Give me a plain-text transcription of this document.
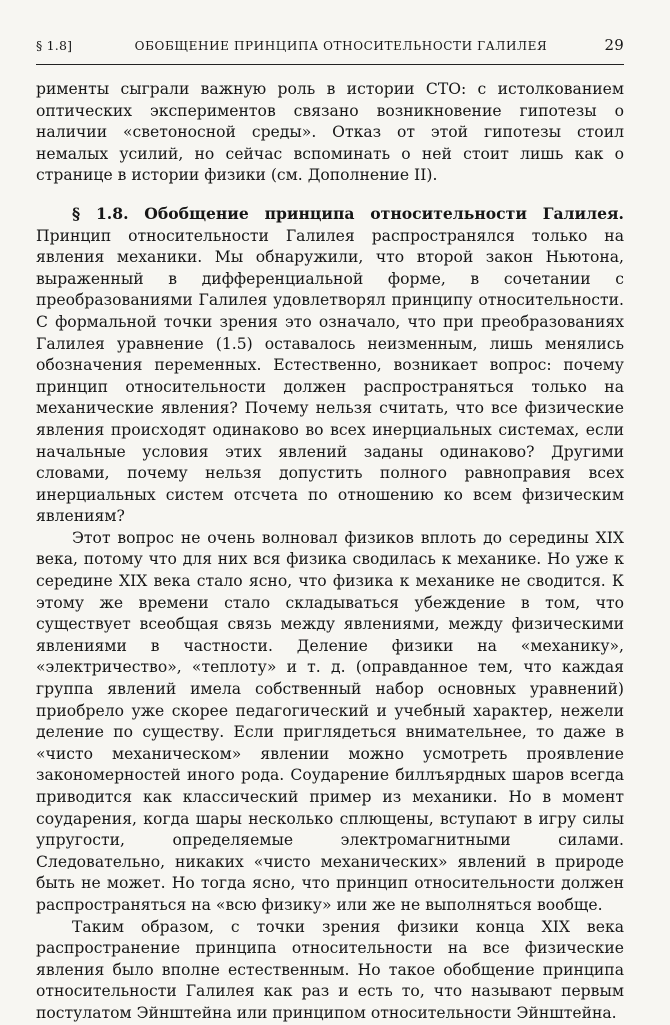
§ 1.8]	ОБОБЩЕНИЕ ПРИНЦИПА ОТНОСИТЕЛЬНОСТИ ГАЛИЛЕЯ	29

рименты сыграли важную роль в истории СТО: с истолкованием оптических экспериментов связано возникновение гипотезы о наличии «светоносной среды». Отказ от этой гипотезы стоил немалых усилий, но сейчас вспоминать о ней стоит лишь как о странице в истории физики (см. Дополнение II).

§ 1.8. Обобщение принципа относительности Галилея. Принцип относительности Галилея распространялся только на явления механики. Мы обнаружили, что второй закон Ньютона, выраженный в дифференциальной форме, в сочетании с преобразованиями Галилея удовлетворял принципу относительности. С формальной точки зрения это означало, что при преобразованиях Галилея уравнение (1.5) оставалось неизменным, лишь менялись обозначения переменных. Естественно, возникает вопрос: почему принцип относительности должен распространяться только на механические явления? Почему нельзя считать, что все физические явления происходят одинаково во всех инерциальных системах, если начальные условия этих явлений заданы одинаково? Другими словами, почему нельзя допустить полного равноправия всех инерциальных систем отсчета по отношению ко всем физическим явлениям?

Этот вопрос не очень волновал физиков вплоть до середины XIX века, потому что для них вся физика сводилась к механике. Но уже к середине XIX века стало ясно, что физика к механике не сводится. К этому же времени стало складываться убеждение в том, что существует всеобщая связь между явлениями, между физическими явлениями в частности. Деление физики на «механику», «электричество», «теплоту» и т. д. (оправданное тем, что каждая группа явлений имела собственный набор основных уравнений) приобрело уже скорее педагогический и учебный характер, нежели деление по существу. Если приглядеться внимательнее, то даже в «чисто механическом» явлении можно усмотреть проявление закономерностей иного рода. Соударение биллъярдных шаров всегда приводится как классический пример из механики. Но в момент соударения, когда шары несколько сплющены, вступают в игру силы упругости, определяемые электромагнитными силами. Следовательно, никаких «чисто механических» явлений в природе быть не может. Но тогда ясно, что принцип относительности должен распространяться на «всю физику» или же не выполняться вообще.

Таким образом, с точки зрения физики конца XIX века распространение принципа относительности на все физические явления было вполне естественным. Но такое обобщение принципа относительности Галилея как раз и есть то, что называют первым постулатом Эйнштейна или принципом относительности Эйнштейна.
